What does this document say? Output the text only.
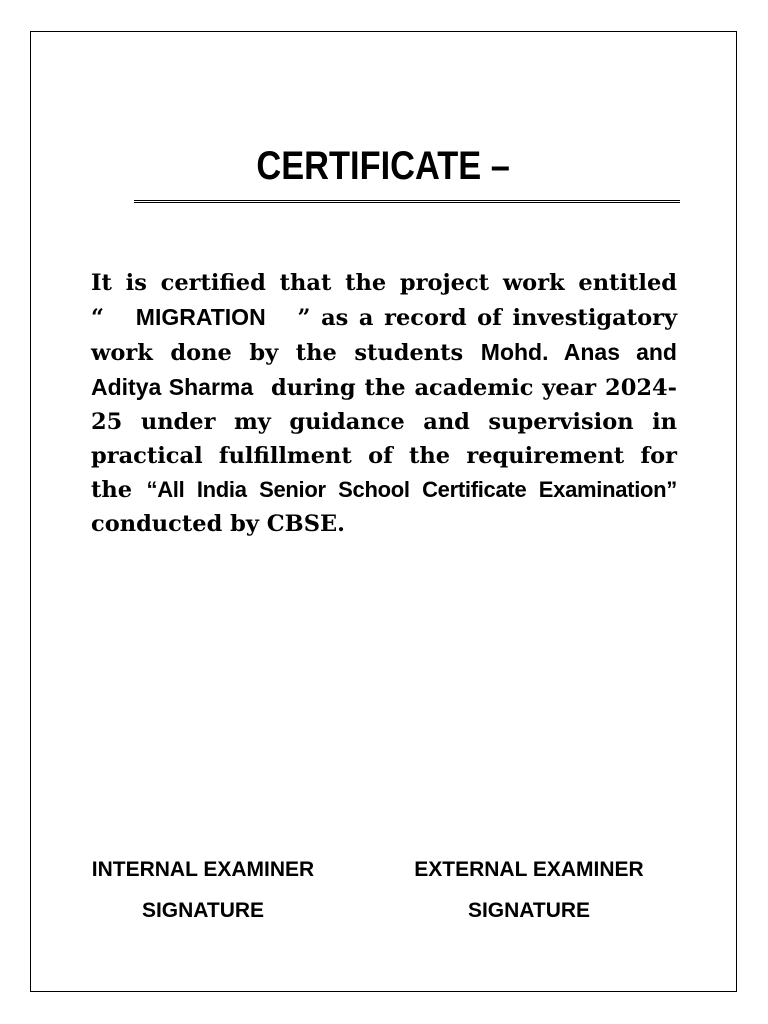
CERTIFICATE –

It is certified that the project work entitled “ MIGRATION ” as a record of investigatory work done by the students Mohd. Anas and Aditya Sharma during the academic year 2024-25 under my guidance and supervision in practical fulfillment of the requirement for the “All India Senior School Certificate Examination” conducted by CBSE.

INTERNAL EXAMINER
SIGNATURE
EXTERNAL EXAMINER
SIGNATURE
